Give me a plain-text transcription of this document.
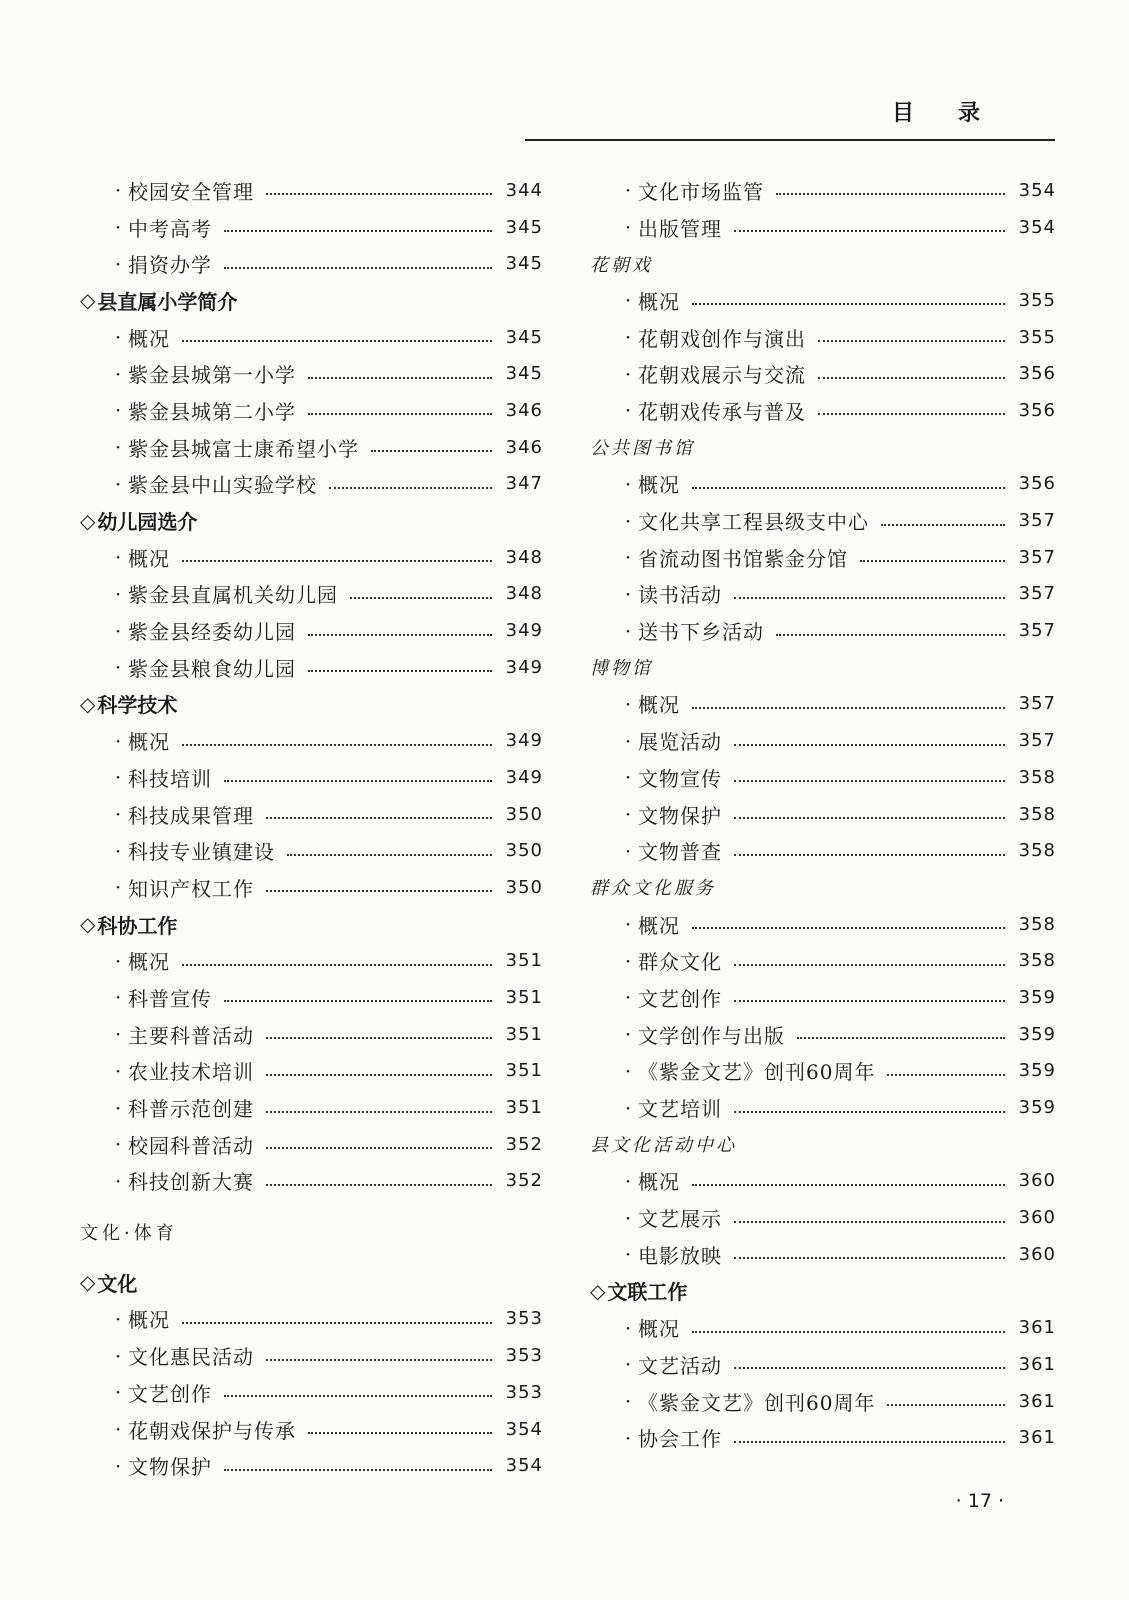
目录
· 校园安全管理	344
· 中考高考	345
· 捐资办学	345
◇ 县直属小学简介
· 概况	345
· 紫金县城第一小学	345
· 紫金县城第二小学	346
· 紫金县城富士康希望小学	346
· 紫金县中山实验学校	347
◇ 幼儿园选介
· 概况	348
· 紫金县直属机关幼儿园	348
· 紫金县经委幼儿园	349
· 紫金县粮食幼儿园	349
◇ 科学技术
· 概况	349
· 科技培训	349
· 科技成果管理	350
· 科技专业镇建设	350
· 知识产权工作	350
◇ 科协工作
· 概况	351
· 科普宣传	351
· 主要科普活动	351
· 农业技术培训	351
· 科普示范创建	351
· 校园科普活动	352
· 科技创新大赛	352
文化·体育
◇ 文化
· 概况	353
· 文化惠民活动	353
· 文艺创作	353
· 花朝戏保护与传承	354
· 文物保护	354
· 文化市场监管	354
· 出版管理	354
花朝戏
· 概况	355
· 花朝戏创作与演出	355
· 花朝戏展示与交流	356
· 花朝戏传承与普及	356
公共图书馆
· 概况	356
· 文化共享工程县级支中心	357
· 省流动图书馆紫金分馆	357
· 读书活动	357
· 送书下乡活动	357
博物馆
· 概况	357
· 展览活动	357
· 文物宣传	358
· 文物保护	358
· 文物普查	358
群众文化服务
· 概况	358
· 群众文化	358
· 文艺创作	359
· 文学创作与出版	359
· 《紫金文艺》创刊60周年	359
· 文艺培训	359
县文化活动中心
· 概况	360
· 文艺展示	360
· 电影放映	360
◇ 文联工作
· 概况	361
· 文艺活动	361
· 《紫金文艺》创刊60周年	361
· 协会工作	361
· 17 ·
